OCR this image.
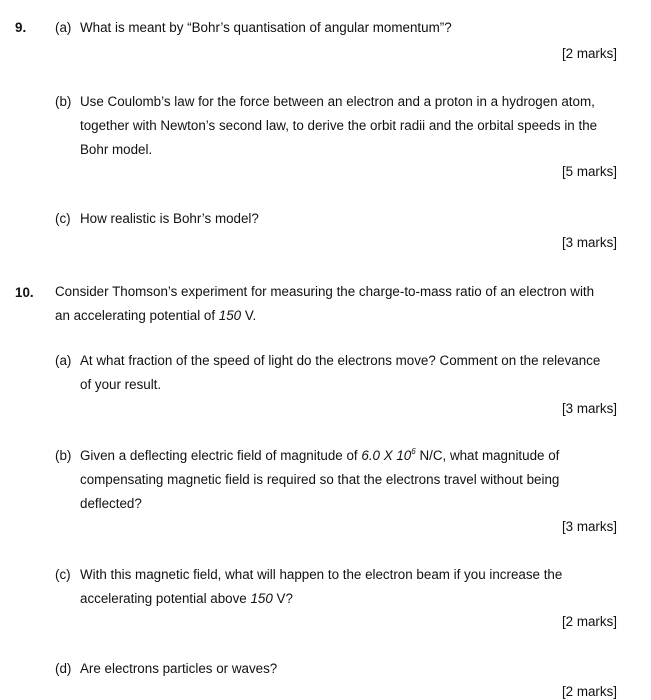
9. (a) What is meant by “Bohr’s quantisation of angular momentum”?
[2 marks]
(b) Use Coulomb’s law for the force between an electron and a proton in a hydrogen atom,
together with Newton’s second law, to derive the orbit radii and the orbital speeds in the
Bohr model.
[5 marks]
(c) How realistic is Bohr’s model?
[3 marks]
10. Consider Thomson’s experiment for measuring the charge-to-mass ratio of an electron with
an accelerating potential of 150 V.
(a) At what fraction of the speed of light do the electrons move? Comment on the relevance
of your result.
[3 marks]
(b) Given a deflecting electric field of magnitude of 6.0 X $10^6$ N/C, what magnitude of
compensating magnetic field is required so that the electrons travel without being
deflected?
[3 marks]
(c) With this magnetic field, what will happen to the electron beam if you increase the
accelerating potential above 150 V?
[2 marks]
(d) Are electrons particles or waves?
[2 marks]
